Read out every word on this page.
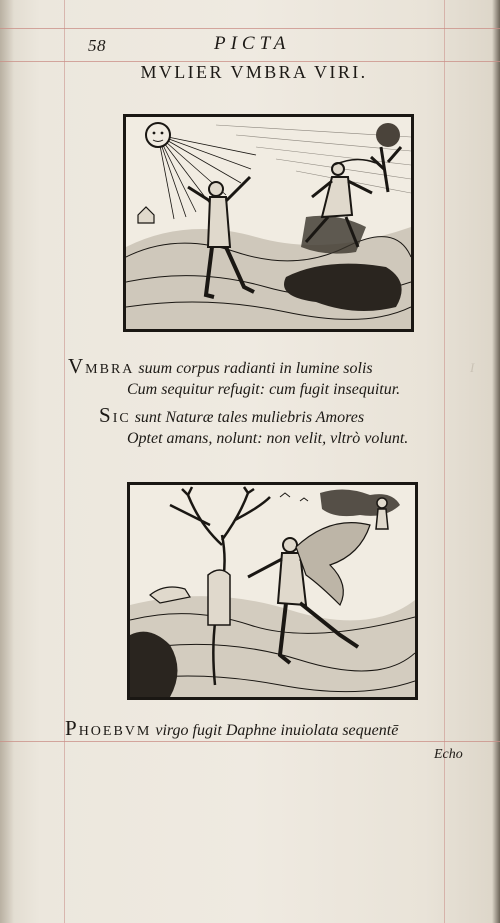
I
58	PICTA
MVLIER VMBRA VIRI.
VMBRA suum corpus radianti in lumine solis
Cum sequitur refugit: cum fugit insequitur.
SIC sunt Naturæ tales muliebris Amores
Optet amans, nolunt: non velit, vltrò volunt.
PHOEBVM virgo fugit Daphne inuiolata sequentē
Echo
